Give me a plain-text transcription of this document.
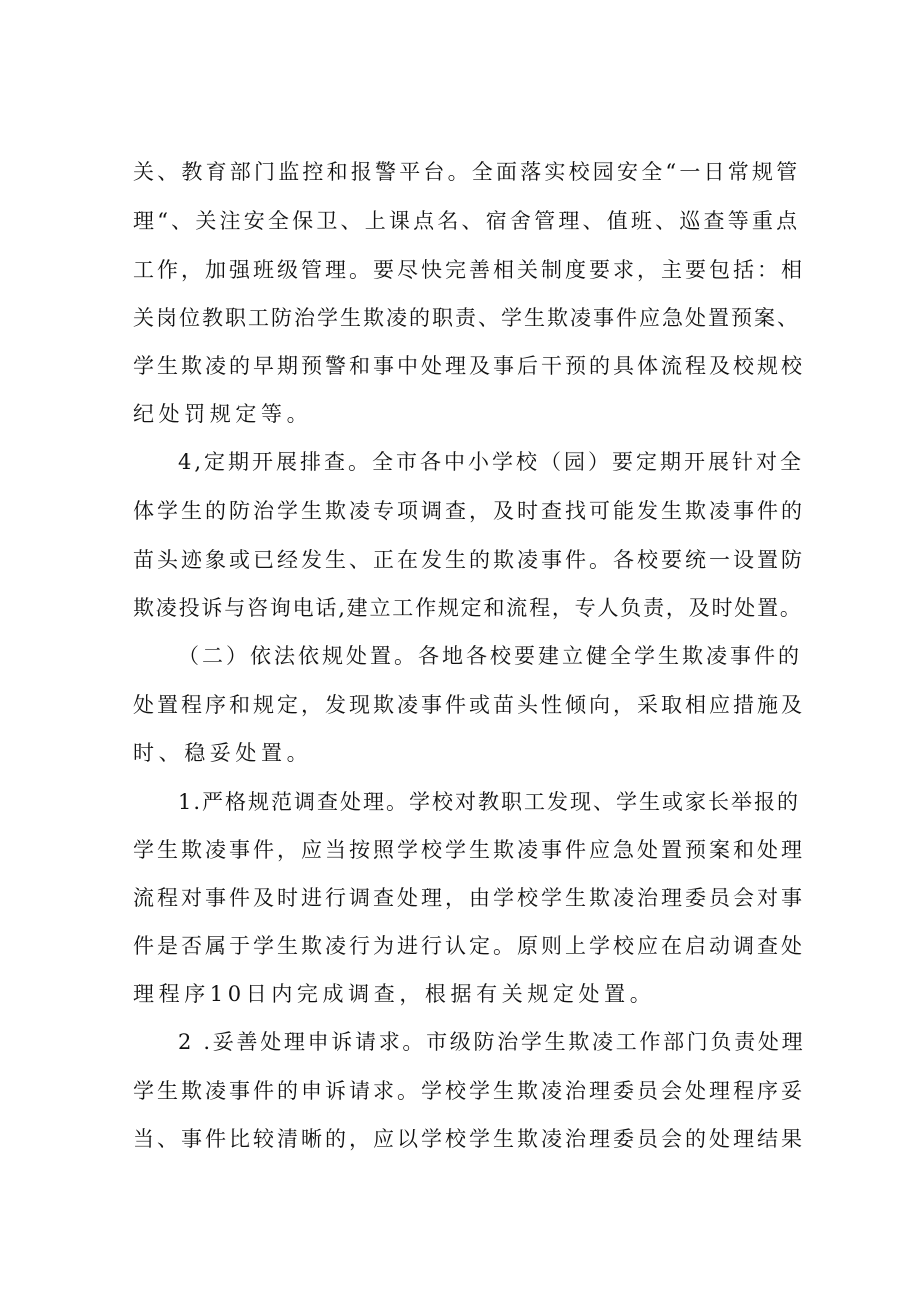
关、教育部门监控和报警平台。全面落实校园安全“一日常规管
理“、关注安全保卫、上课点名、宿舍管理、值班、巡查等重点
工作，加强班级管理。要尽快完善相关制度要求，主要包括：相
关岗位教职工防治学生欺凌的职责、学生欺凌事件应急处置预案、
学生欺凌的早期预警和事中处理及事后干预的具体流程及校规校
纪处罚规定等。
4,定期开展排查。全市各中小学校（园）要定期开展针对全
体学生的防治学生欺凌专项调查，及时查找可能发生欺凌事件的
苗头迹象或已经发生、正在发生的欺凌事件。各校要统一设置防
欺凌投诉与咨询电话,建立工作规定和流程，专人负责，及时处置。
（二）依法依规处置。各地各校要建立健全学生欺凌事件的
处置程序和规定，发现欺凌事件或苗头性倾向，采取相应措施及
时、稳妥处置。
1.严格规范调查处理。学校对教职工发现、学生或家长举报的
学生欺凌事件，应当按照学校学生欺凌事件应急处置预案和处理
流程对事件及时进行调查处理，由学校学生欺凌治理委员会对事
件是否属于学生欺凌行为进行认定。原则上学校应在启动调查处
理程序10日内完成调查，根据有关规定处置。
2 .妥善处理申诉请求。市级防治学生欺凌工作部门负责处理
学生欺凌事件的申诉请求。学校学生欺凌治理委员会处理程序妥
当、事件比较清晰的，应以学校学生欺凌治理委员会的处理结果
